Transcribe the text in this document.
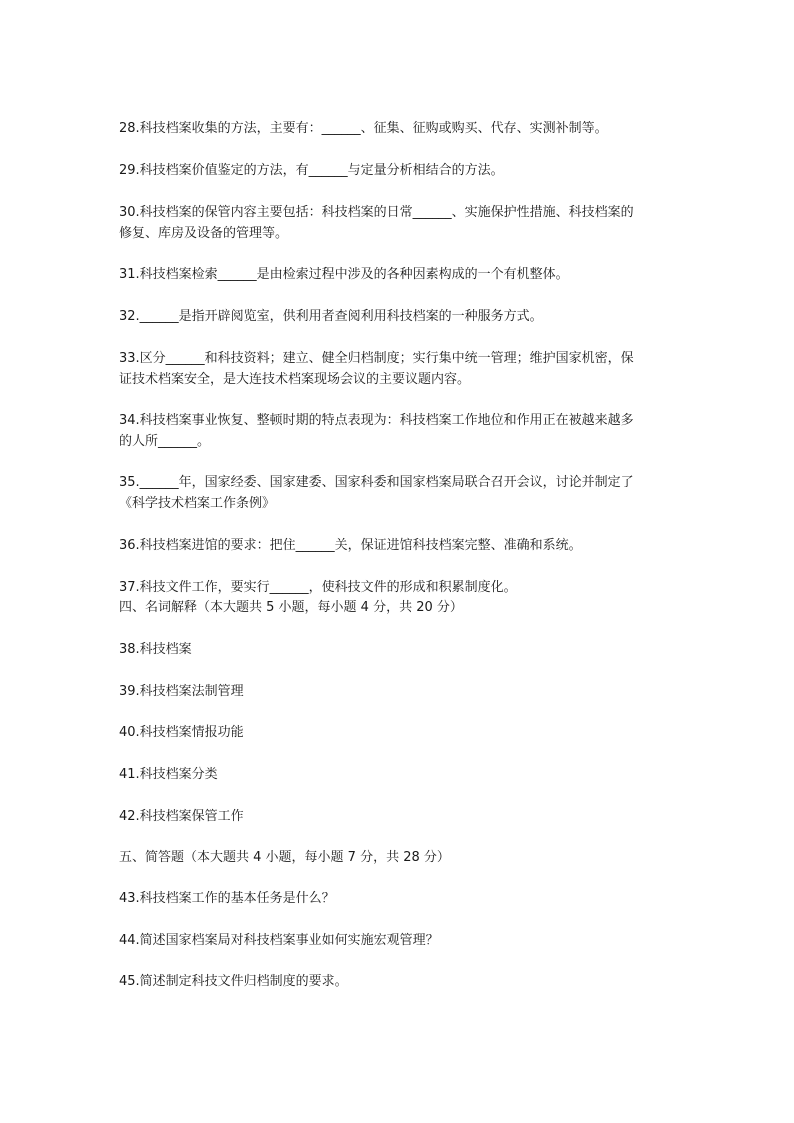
28.科技档案收集的方法，主要有：______、征集、征购或购买、代存、实测补制等。
29.科技档案价值鉴定的方法，有______与定量分析相结合的方法。
30.科技档案的保管内容主要包括：科技档案的日常______、实施保护性措施、科技档案的
修复、库房及设备的管理等。
31.科技档案检索______是由检索过程中涉及的各种因素构成的一个有机整体。
32.______是指开辟阅览室，供利用者查阅利用科技档案的一种服务方式。
33.区分______和科技资料；建立、健全归档制度；实行集中统一管理；维护国家机密，保
证技术档案安全，是大连技术档案现场会议的主要议题内容。
34.科技档案事业恢复、整顿时期的特点表现为：科技档案工作地位和作用正在被越来越多
的人所______。
35.______年，国家经委、国家建委、国家科委和国家档案局联合召开会议，讨论并制定了
《科学技术档案工作条例》
36.科技档案进馆的要求：把住______关，保证进馆科技档案完整、准确和系统。
37.科技文件工作，要实行______，使科技文件的形成和积累制度化。
四、名词解释（本大题共 5 小题，每小题 4 分，共 20 分）
38.科技档案
39.科技档案法制管理
40.科技档案情报功能
41.科技档案分类
42.科技档案保管工作
五、简答题（本大题共 4 小题，每小题 7 分，共 28 分）
43.科技档案工作的基本任务是什么？
44.简述国家档案局对科技档案事业如何实施宏观管理？
45.简述制定科技文件归档制度的要求。
